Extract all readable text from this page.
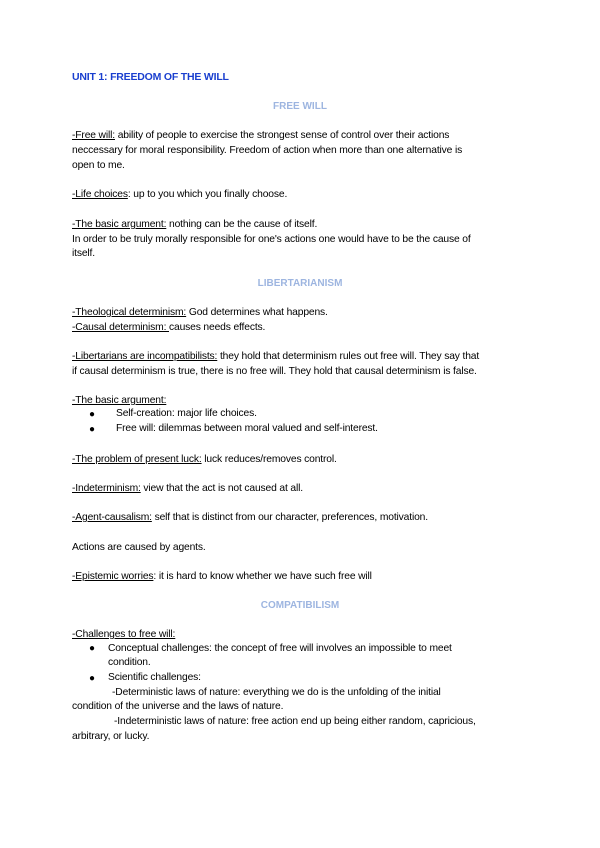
UNIT 1: FREEDOM OF THE WILL
FREE WILL
-Free will: ability of people to exercise the strongest sense of control over their actions
neccessary for moral responsibility. Freedom of action when more than one alternative is
open to me.
-Life choices: up to you which you finally choose.
-The basic argument: nothing can be the cause of itself.
In order to be truly morally responsible for one's actions one would have to be the cause of
itself.
LIBERTARIANISM
-Theological determinism: God determines what happens.
-Causal determinism: causes needs effects.
-Libertarians are incompatibilists: they hold that determinism rules out free will. They say that
if causal determinism is true, there is no free will. They hold that causal determinism is false.
-The basic argument:
● Self-creation: major life choices.
● Free will: dilemmas between moral valued and self-interest.
-The problem of present luck: luck reduces/removes control.
-Indeterminism: view that the act is not caused at all.
-Agent-causalism: self that is distinct from our character, preferences, motivation.
Actions are caused by agents.
-Epistemic worries: it is hard to know whether we have such free will
COMPATIBILISM
-Challenges to free will:
● Conceptual challenges: the concept of free will involves an impossible to meet
condition.
● Scientific challenges:
-Deterministic laws of nature: everything we do is the unfolding of the initial
condition of the universe and the laws of nature.
-Indeterministic laws of nature: free action end up being either random, capricious,
arbitrary, or lucky.
